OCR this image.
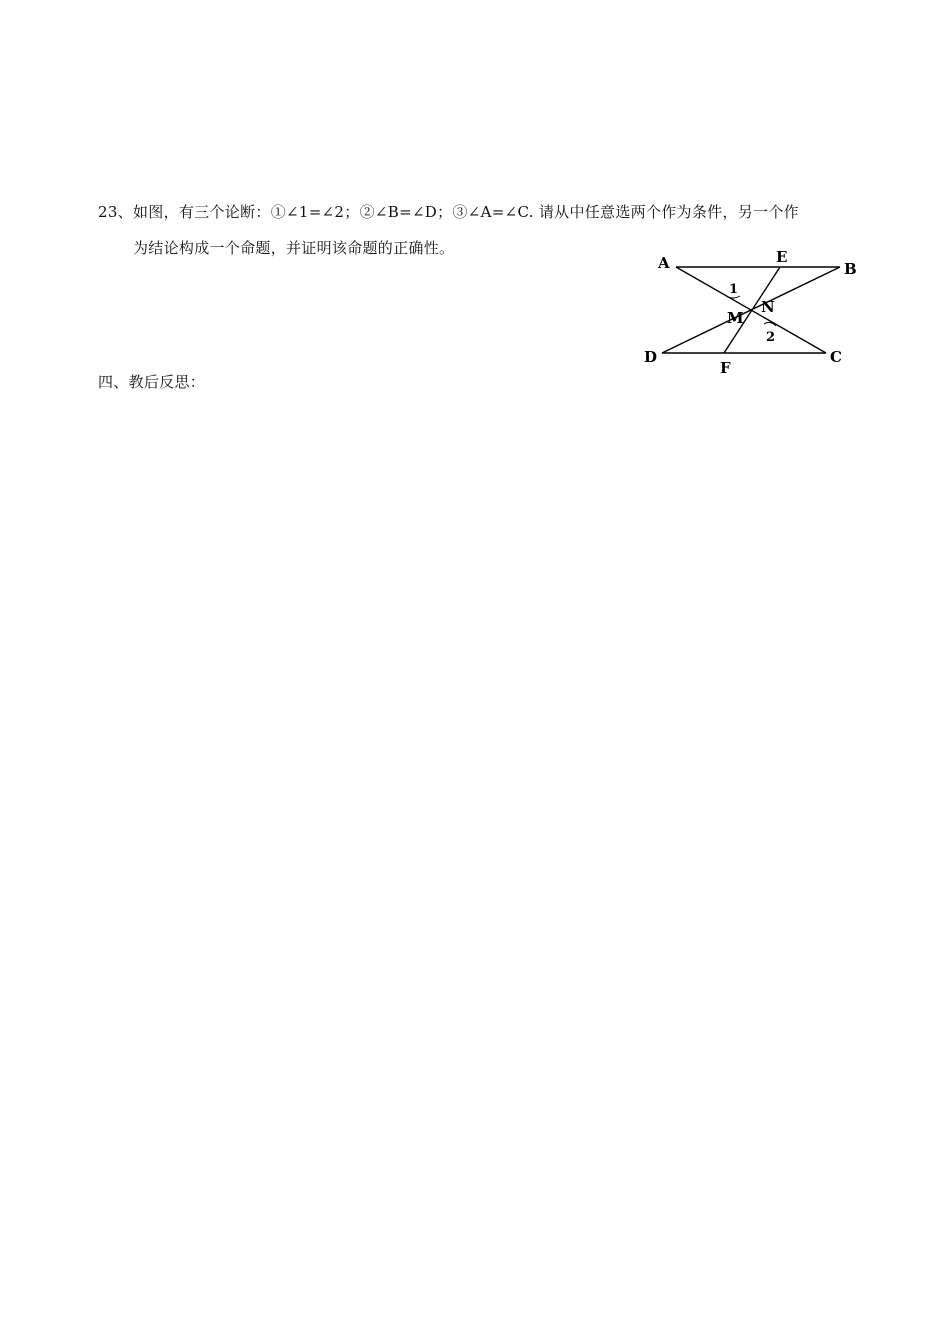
23、如图，有三个论断：①∠1=∠2；②∠B=∠D；③∠A=∠C. 请从中任意选两个作为条件，另一个作
为结论构成一个命题，并证明该命题的正确性。
A	E
B
D
F
C
M
N
1
2
四、教后反思：
